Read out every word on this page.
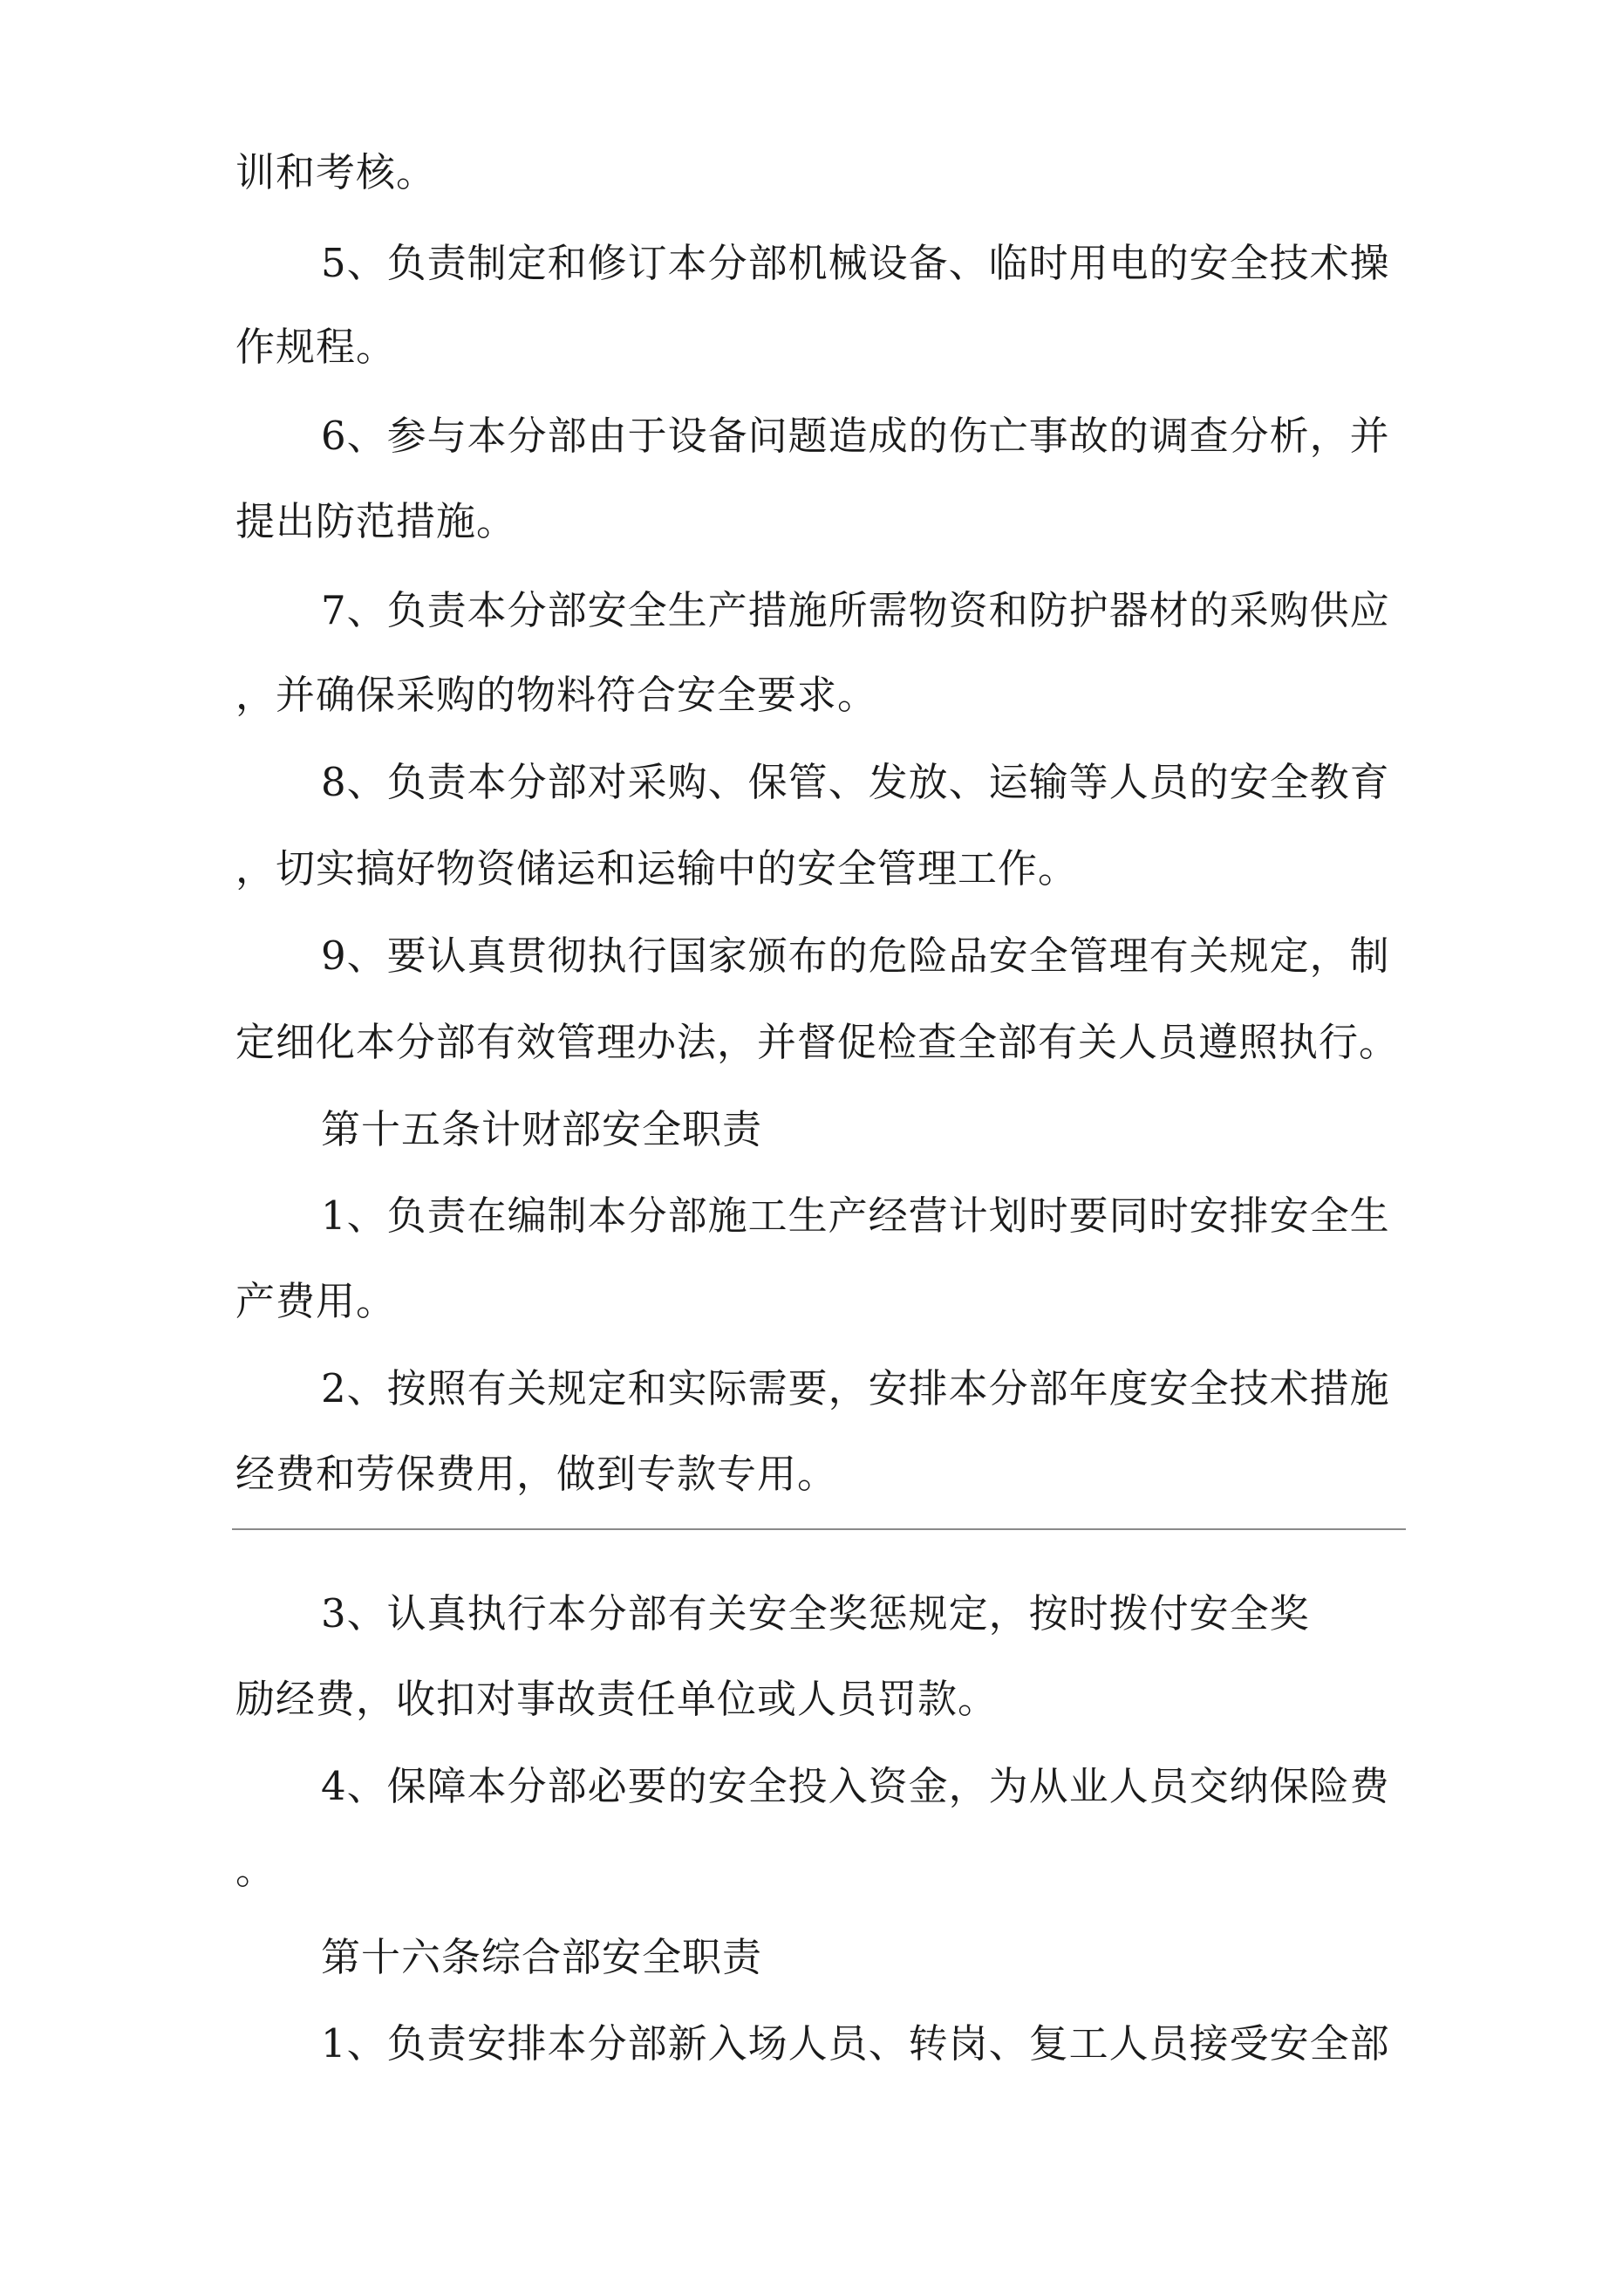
训和考核。
5、负责制定和修订本分部机械设备、临时用电的安全技术操
作规程。
6、参与本分部由于设备问题造成的伤亡事故的调查分析，并
提出防范措施。
7、负责本分部安全生产措施所需物资和防护器材的采购供应
，并确保采购的物料符合安全要求。
8、负责本分部对采购、保管、发放、运输等人员的安全教育
，切实搞好物资储运和运输中的安全管理工作。
9、要认真贯彻执行国家颁布的危险品安全管理有关规定，制
定细化本分部有效管理办法，并督促检查全部有关人员遵照执行。
第十五条计财部安全职责
1、负责在编制本分部施工生产经营计划时要同时安排安全生
产费用。
2、按照有关规定和实际需要，安排本分部年度安全技术措施
经费和劳保费用，做到专款专用。
3、认真执行本分部有关安全奖惩规定，按时拨付安全奖
励经费，收扣对事故责任单位或人员罚款。
4、保障本分部必要的安全投入资金，为从业人员交纳保险费
。
第十六条综合部安全职责
1、负责安排本分部新入场人员、转岗、复工人员接受安全部
